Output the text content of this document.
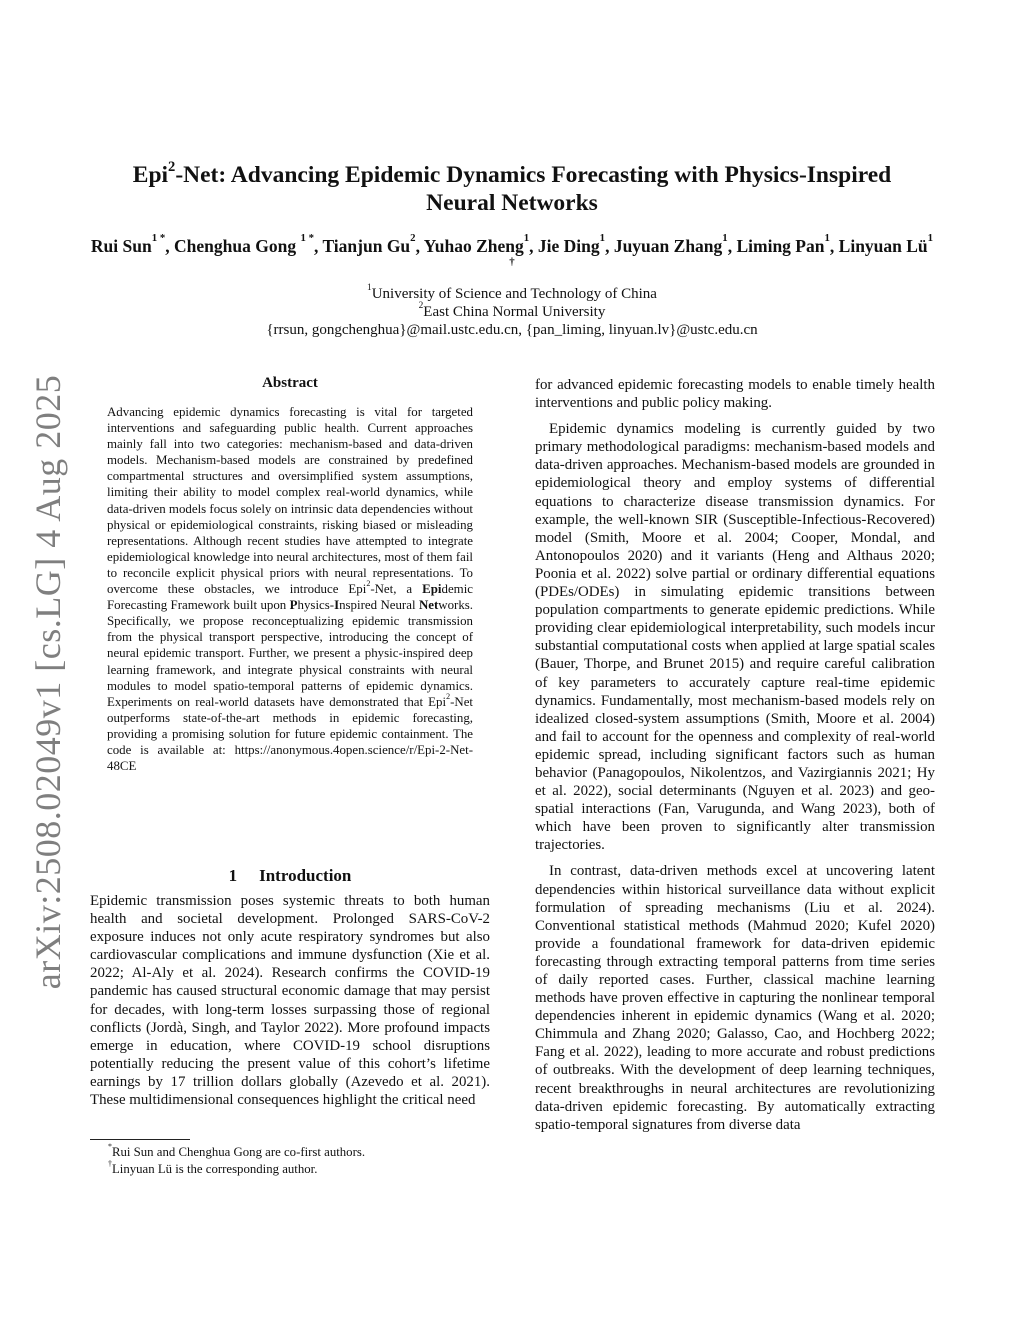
arXiv:2508.02049v1 [cs.LG] 4 Aug 2025
Epi$^2$-Net: Advancing Epidemic Dynamics Forecasting with Physics-Inspired
Neural Networks
Rui Sun$^{1 *}$, Chenghua Gong $^{1 *}$, Tianjun Gu$^2$, Yuhao Zheng$^1$, Jie Ding$^1$, Juyuan Zhang$^1$, Liming Pan$^1$, Linyuan $Lü^{1 \dagger}$
$^1$University of Science and Technology of China
$^2$East China Normal University
{rrsun, gongchenghua}@mail.ustc.edu.cn, {pan_liming, linyuan.lv}@ustc.edu.cn
Abstract
Advancing epidemic dynamics forecasting is vital for targeted interventions and safeguarding public health. Current approaches mainly fall into two categories: mechanism-based and data-driven models. Mechanism-based models are constrained by predefined compartmental structures and oversimplified system assumptions, limiting their ability to model complex real-world dynamics, while data-driven models focus solely on intrinsic data dependencies without physical or epidemiological constraints, risking biased or misleading representations. Although recent studies have attempted to integrate epidemiological knowledge into neural architectures, most of them fail to reconcile explicit physical priors with neural representations. To overcome these obstacles, we introduce Epi$^2$-Net, a Epidemic Forecasting Framework built upon Physics-Inspired Neural Networks. Specifically, we propose reconceptualizing epidemic transmission from the physical transport perspective, introducing the concept of neural epidemic transport. Further, we present a physic-inspired deep learning framework, and integrate physical constraints with neural modules to model spatio-temporal patterns of epidemic dynamics. Experiments on real-world datasets have demonstrated that Epi$^2$-Net outperforms state-of-the-art methods in epidemic forecasting, providing a promising solution for future epidemic containment. The code is available at: https://anonymous.4open.science/r/Epi-2-Net-48CE
1 Introduction
Epidemic transmission poses systemic threats to both human health and societal development. Prolonged SARS-CoV-2 exposure induces not only acute respiratory syndromes but also cardiovascular complications and immune dysfunction (Xie et al. 2022; Al-Aly et al. 2024). Research confirms the COVID-19 pandemic has caused structural economic damage that may persist for decades, with long-term losses surpassing those of regional conflicts (Jordà, Singh, and Taylor 2022). More profound impacts emerge in education, where COVID-19 school disruptions potentially reducing the present value of this cohort’s lifetime earnings by 17 trillion dollars globally (Azevedo et al. 2021). These multidimensional consequences highlight the critical need
*Rui Sun and Chenghua Gong are co-first authors.
†Linyuan Lü is the corresponding author.

for advanced epidemic forecasting models to enable timely health interventions and public policy making.

Epidemic dynamics modeling is currently guided by two primary methodological paradigms: mechanism-based models and data-driven approaches. Mechanism-based models are grounded in epidemiological theory and employ systems of differential equations to characterize disease transmission dynamics. For example, the well-known SIR (Susceptible-Infectious-Recovered) model (Smith, Moore et al. 2004; Cooper, Mondal, and Antonopoulos 2020) and it variants (Heng and Althaus 2020; Poonia et al. 2022) solve partial or ordinary differential equations (PDEs/ODEs) in simulating epidemic transitions between population compartments to generate epidemic predictions. While providing clear epidemiological interpretability, such models incur substantial computational costs when applied at large spatial scales (Bauer, Thorpe, and Brunet 2015) and require careful calibration of key parameters to accurately capture real-time epidemic dynamics. Fundamentally, most mechanism-based models rely on idealized closed-system assumptions (Smith, Moore et al. 2004) and fail to account for the openness and complexity of real-world epidemic spread, including significant factors such as human behavior (Panagopoulos, Nikolentzos, and Vazirgiannis 2021; Hy et al. 2022), social determinants (Nguyen et al. 2023) and geo-spatial interactions (Fan, Varugunda, and Wang 2023), both of which have been proven to significantly alter transmission trajectories.

In contrast, data-driven methods excel at uncovering latent dependencies within historical surveillance data without explicit formulation of spreading mechanisms (Liu et al. 2024). Conventional statistical methods (Mahmud 2020; Kufel 2020) provide a foundational framework for data-driven epidemic forecasting through extracting temporal patterns from time series of daily reported cases. Further, classical machine learning methods have proven effective in capturing the nonlinear temporal dependencies inherent in epidemic dynamics (Wang et al. 2020; Chimmula and Zhang 2020; Galasso, Cao, and Hochberg 2022; Fang et al. 2022), leading to more accurate and robust predictions of outbreaks. With the development of deep learning techniques, recent breakthroughs in neural architectures are revolutionizing data-driven epidemic forecasting. By automatically extracting spatio-temporal signatures from diverse data
